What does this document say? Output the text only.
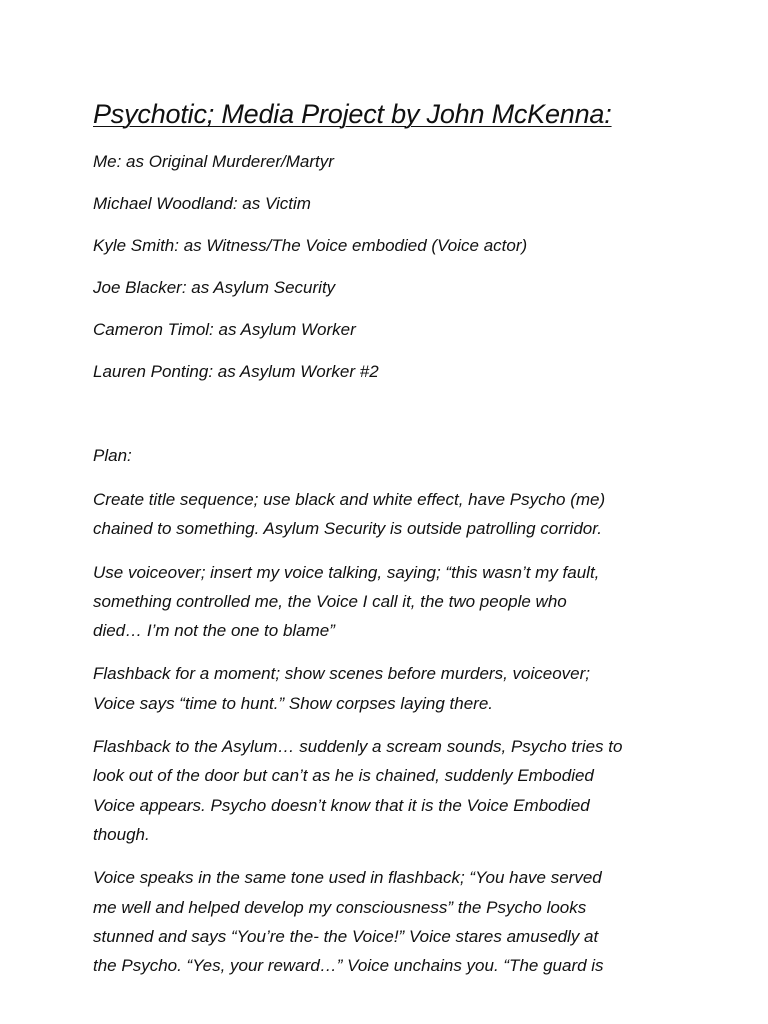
Psychotic; Media Project by John McKenna:
Me: as Original Murderer/Martyr
Michael Woodland: as Victim
Kyle Smith: as Witness/The Voice embodied (Voice actor)
Joe Blacker: as Asylum Security
Cameron Timol: as Asylum Worker
Lauren Ponting: as Asylum Worker #2

Plan:

Create title sequence; use black and white effect, have Psycho (me)
chained to something. Asylum Security is outside patrolling corridor.

Use voiceover; insert my voice talking, saying; “this wasn’t my fault,
something controlled me, the Voice I call it, the two people who
died… I’m not the one to blame”

Flashback for a moment; show scenes before murders, voiceover;
Voice says “time to hunt.” Show corpses laying there.

Flashback to the Asylum… suddenly a scream sounds, Psycho tries to
look out of the door but can’t as he is chained, suddenly Embodied
Voice appears. Psycho doesn’t know that it is the Voice Embodied
though.

Voice speaks in the same tone used in flashback; “You have served
me well and helped develop my consciousness” the Psycho looks
stunned and says “You’re the- the Voice!” Voice stares amusedly at
the Psycho. “Yes, your reward…” Voice unchains you. “The guard is
